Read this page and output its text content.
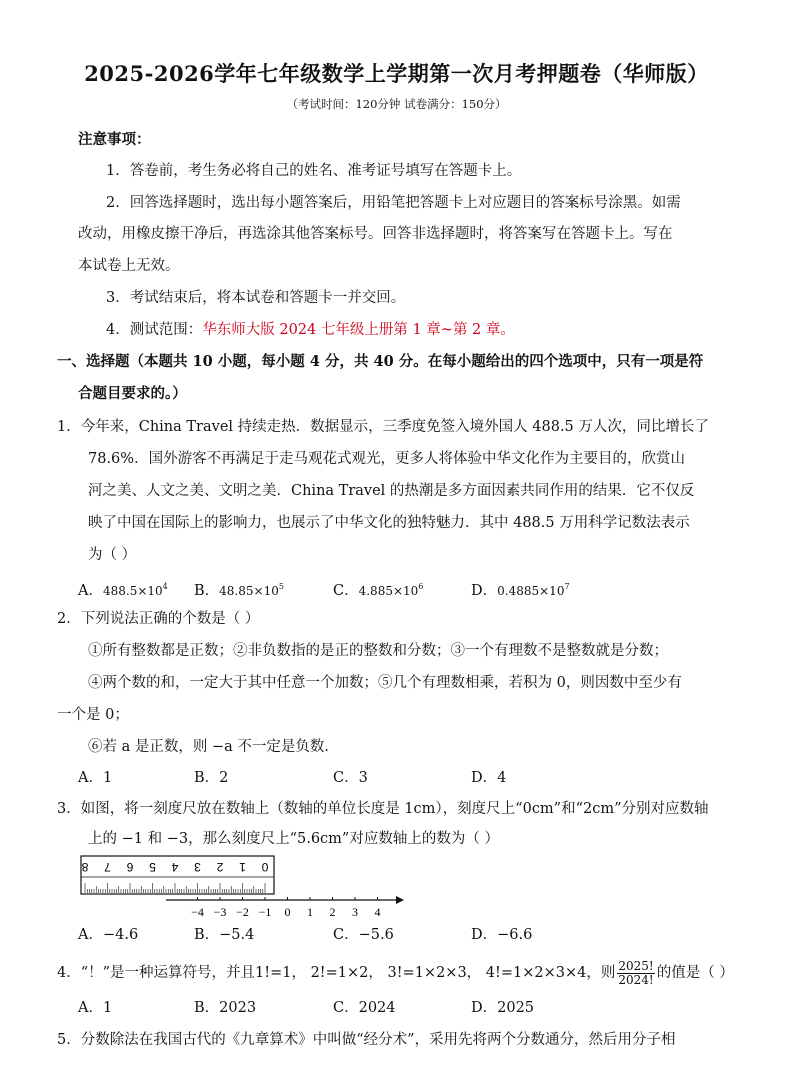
2025-2026学年七年级数学上学期第一次月考押题卷（华师版）
（考试时间：120分钟 试卷满分：150分）
注意事项：
1．答卷前，考生务必将自己的姓名、准考证号填写在答题卡上。
2．回答选择题时，选出每小题答案后，用铅笔把答题卡上对应题目的答案标号涂黑。如需
改动，用橡皮擦干净后，再选涂其他答案标号。回答非选择题时，将答案写在答题卡上。写在
本试卷上无效。
3．考试结束后，将本试卷和答题卡一并交回。
4．测试范围：华东师大版 2024 七年级上册第 1 章~第 2 章。
一、选择题（本题共 10 小题，每小题 4 分，共 40 分。在每小题给出的四个选项中，只有一项是符
合题目要求的。）
1．今年来，China Travel 持续走热．数据显示，三季度免签入境外国人 488.5 万人次，同比增长了
78.6%．国外游客不再满足于走马观花式观光，更多人将体验中华文化作为主要目的，欣赏山
河之美、人文之美、文明之美．China Travel 的热潮是多方面因素共同作用的结果．它不仅反
映了中国在国际上的影响力，也展示了中华文化的独特魅力．其中 488.5 万用科学记数法表示
为（ ）
A．$488.5\times 10^4$ B．$48.85\times 10^5$	C．$4.885\times 10^6$	D．$0.4885\times 10^7$
2．下列说法正确的个数是（ ）
①所有整数都是正数；②非负数指的是正的整数和分数；③一个有理数不是整数就是分数；
④两个数的和，一定大于其中任意一个加数；⑤几个有理数相乘，若积为 0，则因数中至少有
一个是 0；
⑥若 a 是正数，则 −a 不一定是负数．
A．1	B．2	C．3	D．4
3．如图，将一刻度尺放在数轴上（数轴的单位长度是 1cm），刻度尺上“0cm”和“2cm”分别对应数轴
上的 −1 和 −3，那么刻度尺上“5.6cm”对应数轴上的数为（ ）
8 7 6 5 4 3 2 1 0
−4 −3 −2 −1 0 1 2 3 4
A．−4.6	B．−5.4	C．−5.6	D．−6.6
4．“！”是一种运算符号，并且1!=1， 2!=1×2， 3!=1×2×3， 4!=1×2×3×4，则 $\frac{2025!}{2024!}$ 的值是（ ）
A．1	B．2023	C．2024	D．2025
5．分数除法在我国古代的《九章算术》中叫做“经分术”，采用先将两个分数通分，然后用分子相
